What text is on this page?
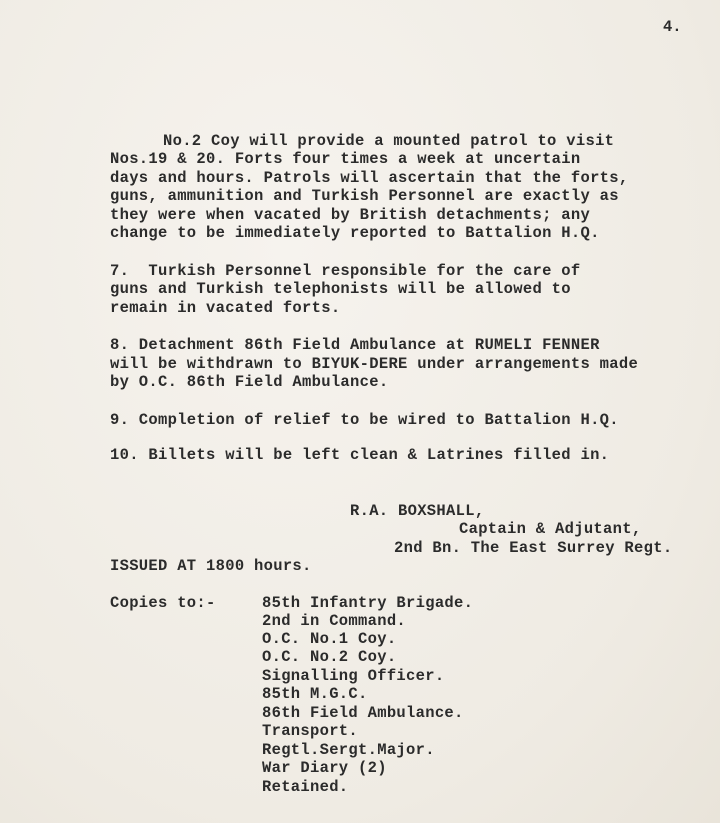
4.
No.2 Coy will provide a mounted patrol to visit
Nos.19 & 20. Forts four times a week at uncertain
days and hours. Patrols will ascertain that the forts,
guns, ammunition and Turkish Personnel are exactly as
they were when vacated by British detachments; any
change to be immediately reported to Battalion H.Q.
7.  Turkish Personnel responsible for the care of
guns and Turkish telephonists will be allowed to
remain in vacated forts.
8. Detachment 86th Field Ambulance at RUMELI FENNER
will be withdrawn to BIYUK-DERE under arrangements made
by O.C. 86th Field Ambulance.
9. Completion of relief to be wired to Battalion H.Q.
10. Billets will be left clean & Latrines filled in.
R.A. BOXSHALL,
Captain & Adjutant,
2nd Bn. The East Surrey Regt.
ISSUED AT 1800 hours.
Copies to:-	85th Infantry Brigade.
2nd in Command.
O.C. No.1 Coy.
O.C. No.2 Coy.
Signalling Officer.
85th M.G.C.
86th Field Ambulance.
Transport.
Regtl.Sergt.Major.
War Diary (2)
Retained.
